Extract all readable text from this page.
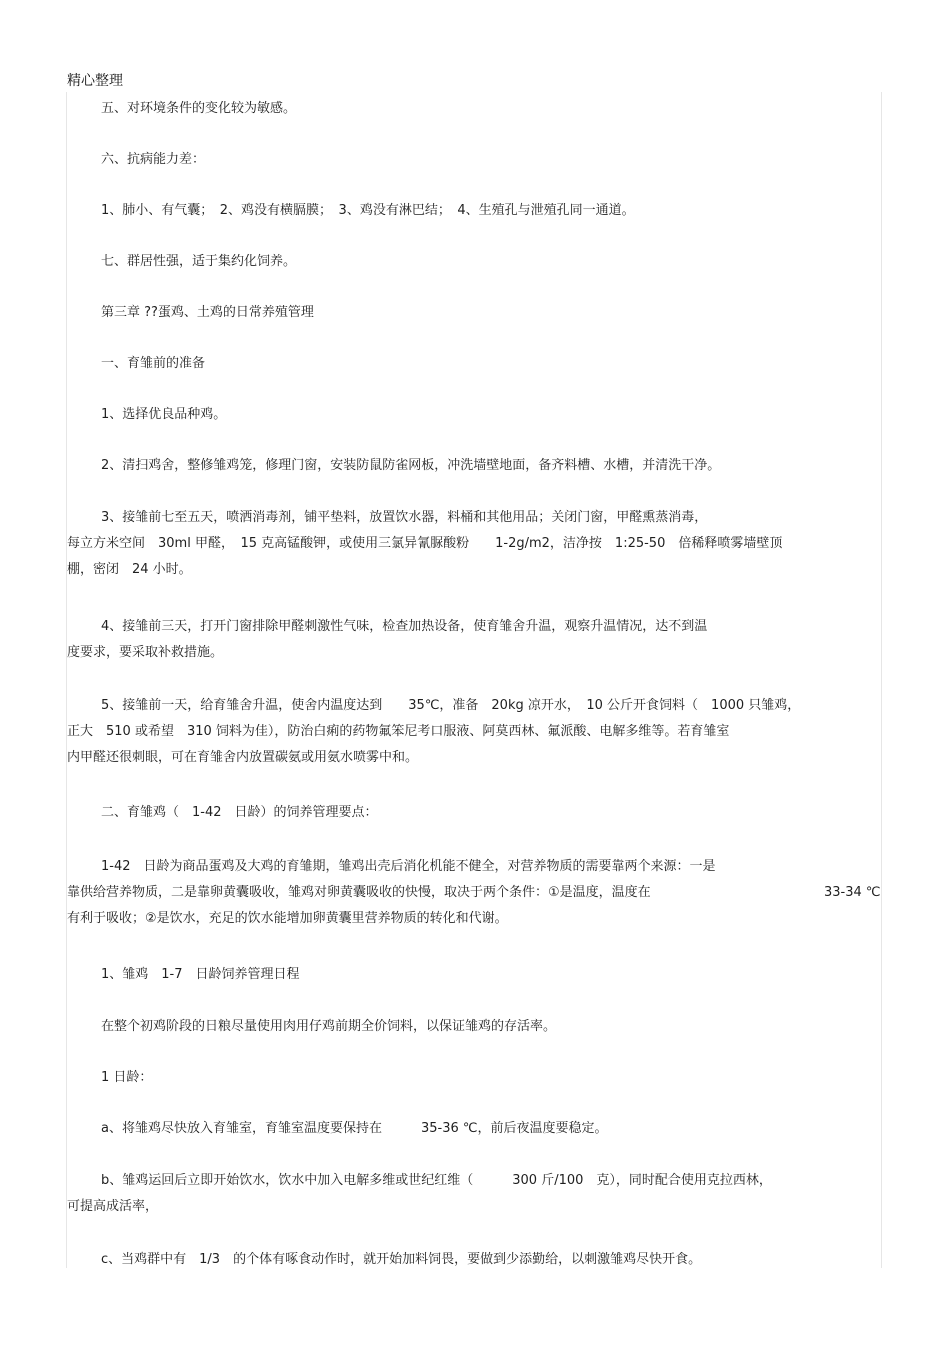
精心整理
五、对环境条件的变化较为敏感。
六、抗病能力差：
1、肺小、有气囊；　2、鸡没有横膈膜；　3、鸡没有淋巴结；　4、生殖孔与泄殖孔同一通道。
七、群居性强，适于集约化饲养。
第三章 ??蛋鸡、土鸡的日常养殖管理
一、育雏前的准备
1、选择优良品种鸡。
2、清扫鸡舍，整修雏鸡笼，修理门窗，安装防鼠防雀网板，冲洗墙壁地面，备齐料槽、水槽，并清洗干净。
3、接雏前七至五天，喷洒消毒剂，铺平垫料，放置饮水器，料桶和其他用品；关闭门窗，甲醛熏蒸消毒，
每立方米空间　30ml 甲醛，　15 克高锰酸钾，或使用三氯异氰脲酸粉　　1-2g/m2，洁净按　1:25-50　倍稀释喷雾墙壁顶
棚，密闭　24 小时。
4、接雏前三天，打开门窗排除甲醛刺激性气味，检查加热设备，使育雏舍升温，观察升温情况，达不到温
度要求，要采取补救措施。
5、接雏前一天，给育雏舍升温，使舍内温度达到　　35℃，准备　20kg 凉开水，　10 公斤开食饲料（　1000 只雏鸡，
正大　510 或希望　310 饲料为佳），防治白痢的药物氟笨尼考口服液、阿莫西林、氟派酸、电解多维等。若育雏室
内甲醛还很刺眼，可在育雏舍内放置碳氨或用氨水喷雾中和。
二、育雏鸡（　1-42　日龄）的饲养管理要点：
1-42　日龄为商品蛋鸡及大鸡的育雏期，雏鸡出壳后消化机能不健全，对营养物质的需要靠两个来源：一是
靠供给营养物质，二是靠卵黄囊吸收，雏鸡对卵黄囊吸收的快慢，取决于两个条件：①是温度，温度在
有利于吸收；②是饮水，充足的饮水能增加卵黄囊里营养物质的转化和代谢。
33-34 ℃
1、雏鸡　1-7　日龄饲养管理日程
在整个初鸡阶段的日粮尽量使用肉用仔鸡前期全价饲料，以保证雏鸡的存活率。
1 日龄：
a、将雏鸡尽快放入育雏室，育雏室温度要保持在　　　35-36 ℃，前后夜温度要稳定。
b、雏鸡运回后立即开始饮水，饮水中加入电解多维或世纪红维（　　　300 斤/100　克），同时配合使用克拉西林，
可提高成活率，
c、当鸡群中有　1/3　的个体有啄食动作时，就开始加料饲畏，要做到少添勤给，以刺激雏鸡尽快开食。
